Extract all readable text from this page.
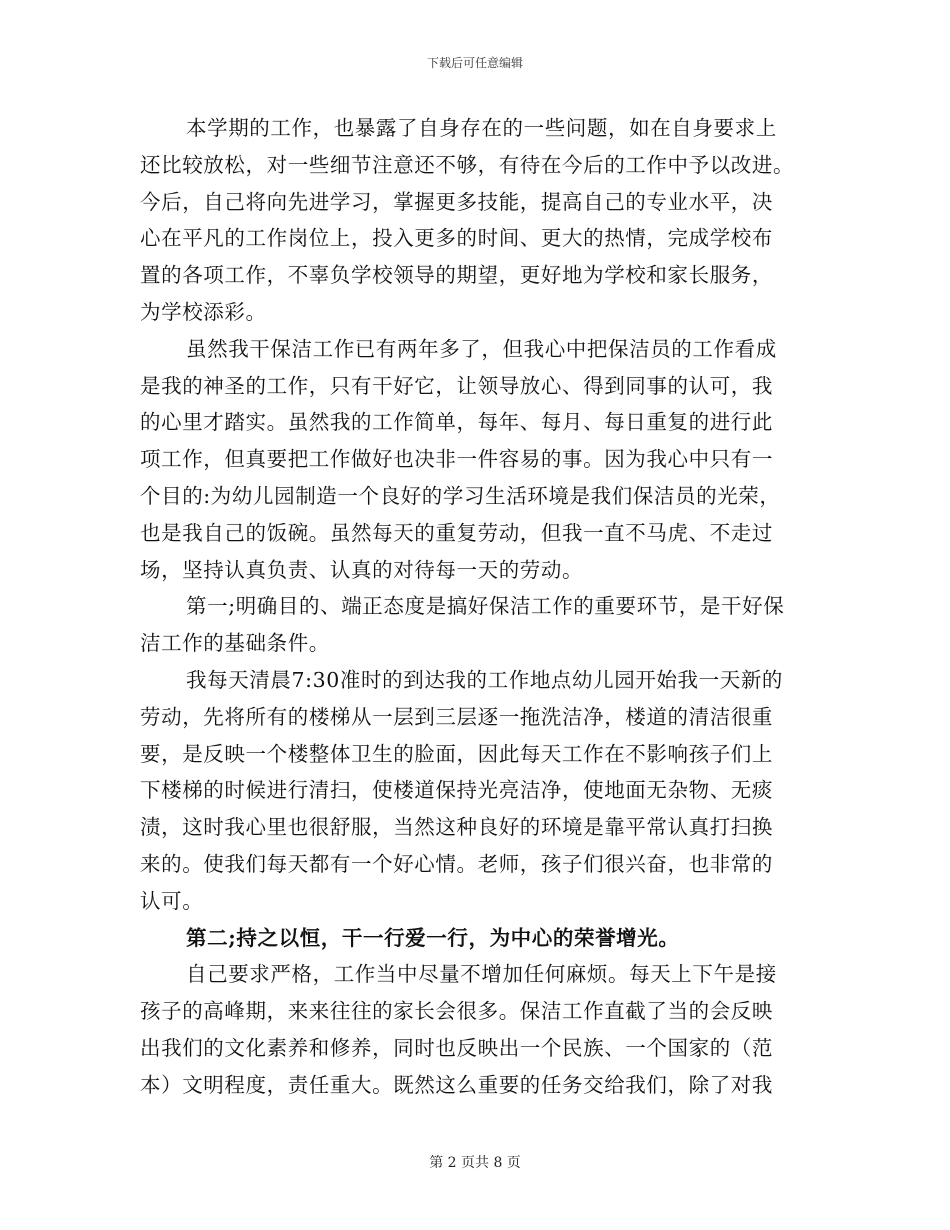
下载后可任意编辑
本学期的工作，也暴露了自身存在的一些问题，如在自身要求上
还比较放松，对一些细节注意还不够，有待在今后的工作中予以改进。
今后，自己将向先进学习，掌握更多技能，提高自己的专业水平，决
心在平凡的工作岗位上，投入更多的时间、更大的热情，完成学校布
置的各项工作，不辜负学校领导的期望，更好地为学校和家长服务，
为学校添彩。
虽然我干保洁工作已有两年多了，但我心中把保洁员的工作看成
是我的神圣的工作，只有干好它，让领导放心、得到同事的认可，我
的心里才踏实。虽然我的工作简单，每年、每月、每日重复的进行此
项工作，但真要把工作做好也决非一件容易的事。因为我心中只有一
个目的:为幼儿园制造一个良好的学习生活环境是我们保洁员的光荣，
也是我自己的饭碗。虽然每天的重复劳动，但我一直不马虎、不走过
场，坚持认真负责、认真的对待每一天的劳动。
第一;明确目的、端正态度是搞好保洁工作的重要环节，是干好保
洁工作的基础条件。
我每天清晨7:30准时的到达我的工作地点幼儿园开始我一天新的
劳动，先将所有的楼梯从一层到三层逐一拖洗洁净，楼道的清洁很重
要，是反映一个楼整体卫生的脸面，因此每天工作在不影响孩子们上
下楼梯的时候进行清扫，使楼道保持光亮洁净，使地面无杂物、无痰
渍，这时我心里也很舒服，当然这种良好的环境是靠平常认真打扫换
来的。使我们每天都有一个好心情。老师，孩子们很兴奋，也非常的
认可。
第二;持之以恒，干一行爱一行，为中心的荣誉增光。
自己要求严格，工作当中尽量不增加任何麻烦。每天上下午是接
孩子的高峰期，来来往往的家长会很多。保洁工作直截了当的会反映
出我们的文化素养和修养，同时也反映出一个民族、一个国家的（范
本）文明程度，责任重大。既然这么重要的任务交给我们，除了对我
第 2 页共 8 页
